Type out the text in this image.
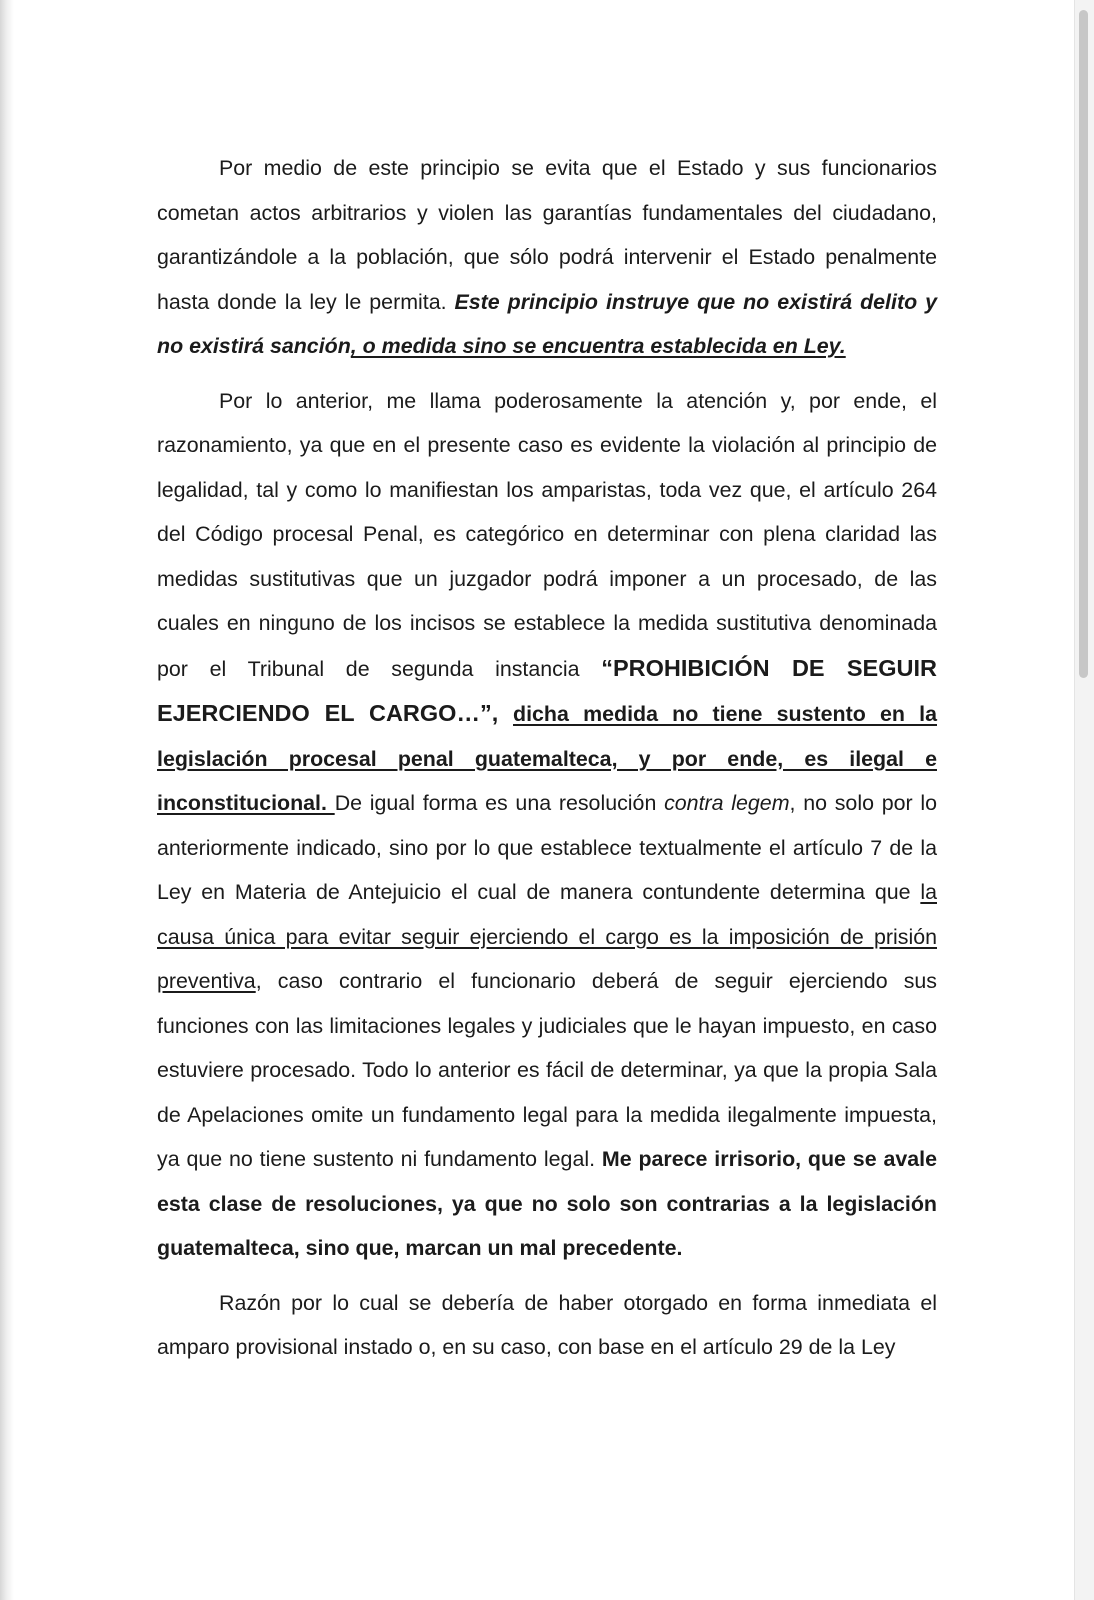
Por medio de este principio se evita que el Estado y sus funcionarios cometan actos arbitrarios y violen las garantías fundamentales del ciudadano, garantizándole a la población, que sólo podrá intervenir el Estado penalmente hasta donde la ley le permita. Este principio instruye que no existirá delito y no existirá sanción, o medida sino se encuentra establecida en Ley.

Por lo anterior, me llama poderosamente la atención y, por ende, el razonamiento, ya que en el presente caso es evidente la violación al principio de legalidad, tal y como lo manifiestan los amparistas, toda vez que, el artículo 264 del Código procesal Penal, es categórico en determinar con plena claridad las medidas sustitutivas que un juzgador podrá imponer a un procesado, de las cuales en ninguno de los incisos se establece la medida sustitutiva denominada por el Tribunal de segunda instancia “PROHIBICIÓN DE SEGUIR EJERCIENDO EL CARGO…”, dicha medida no tiene sustento en la legislación procesal penal guatemalteca, y por ende, es ilegal e inconstitucional. De igual forma es una resolución contra legem, no solo por lo anteriormente indicado, sino por lo que establece textualmente el artículo 7 de la Ley en Materia de Antejuicio el cual de manera contundente determina que la causa única para evitar seguir ejerciendo el cargo es la imposición de prisión preventiva, caso contrario el funcionario deberá de seguir ejerciendo sus funciones con las limitaciones legales y judiciales que le hayan impuesto, en caso estuviere procesado. Todo lo anterior es fácil de determinar, ya que la propia Sala de Apelaciones omite un fundamento legal para la medida ilegalmente impuesta, ya que no tiene sustento ni fundamento legal. Me parece irrisorio, que se avale esta clase de resoluciones, ya que no solo son contrarias a la legislación guatemalteca, sino que, marcan un mal precedente.

Razón por lo cual se debería de haber otorgado en forma inmediata el amparo provisional instado o, en su caso, con base en el artículo 29 de la Ley
